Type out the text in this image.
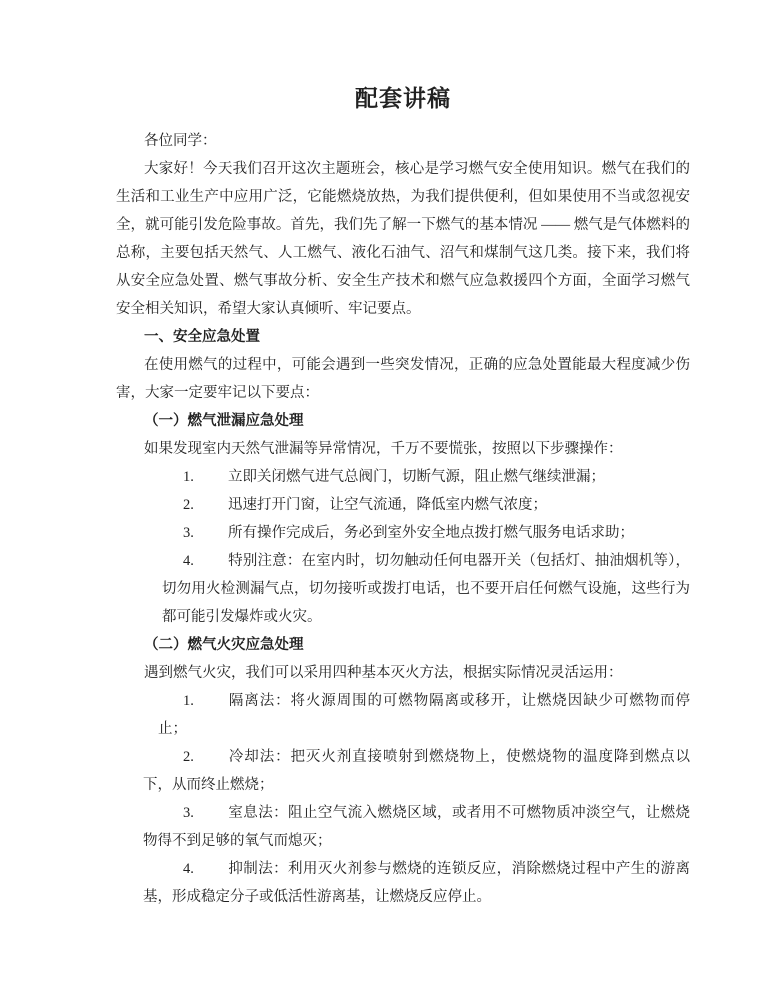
配套讲稿

各位同学：

大家好！今天我们召开这次主题班会，核心是学习燃气安全使用知识。燃气在我们的生活和工业生产中应用广泛，它能燃烧放热，为我们提供便利，但如果使用不当或忽视安全，就可能引发危险事故。首先，我们先了解一下燃气的基本情况 —— 燃气是气体燃料的总称，主要包括天然气、人工燃气、液化石油气、沼气和煤制气这几类。接下来，我们将从安全应急处置、燃气事故分析、安全生产技术和燃气应急救援四个方面，全面学习燃气安全相关知识，希望大家认真倾听、牢记要点。

一、安全应急处置

在使用燃气的过程中，可能会遇到一些突发情况，正确的应急处置能最大程度减少伤害，大家一定要牢记以下要点：

（一）燃气泄漏应急处理

如果发现室内天然气泄漏等异常情况，千万不要慌张，按照以下步骤操作：

1. 立即关闭燃气进气总阀门，切断气源，阻止燃气继续泄漏；
2. 迅速打开门窗，让空气流通，降低室内燃气浓度；
3. 所有操作完成后，务必到室外安全地点拨打燃气服务电话求助；
4. 特别注意：在室内时，切勿触动任何电器开关（包括灯、抽油烟机等），切勿用火检测漏气点，切勿接听或拨打电话，也不要开启任何燃气设施，这些行为都可能引发爆炸或火灾。

（二）燃气火灾应急处理

遇到燃气火灾，我们可以采用四种基本灭火方法，根据实际情况灵活运用：

1. 隔离法：将火源周围的可燃物隔离或移开，让燃烧因缺少可燃物而停止；
2. 冷却法：把灭火剂直接喷射到燃烧物上，使燃烧物的温度降到燃点以下，从而终止燃烧；
3. 室息法：阻止空气流入燃烧区域，或者用不可燃物质冲淡空气，让燃烧物得不到足够的氧气而熄灭；
4. 抑制法：利用灭火剂参与燃烧的连锁反应，消除燃烧过程中产生的游离基，形成稳定分子或低活性游离基，让燃烧反应停止。
